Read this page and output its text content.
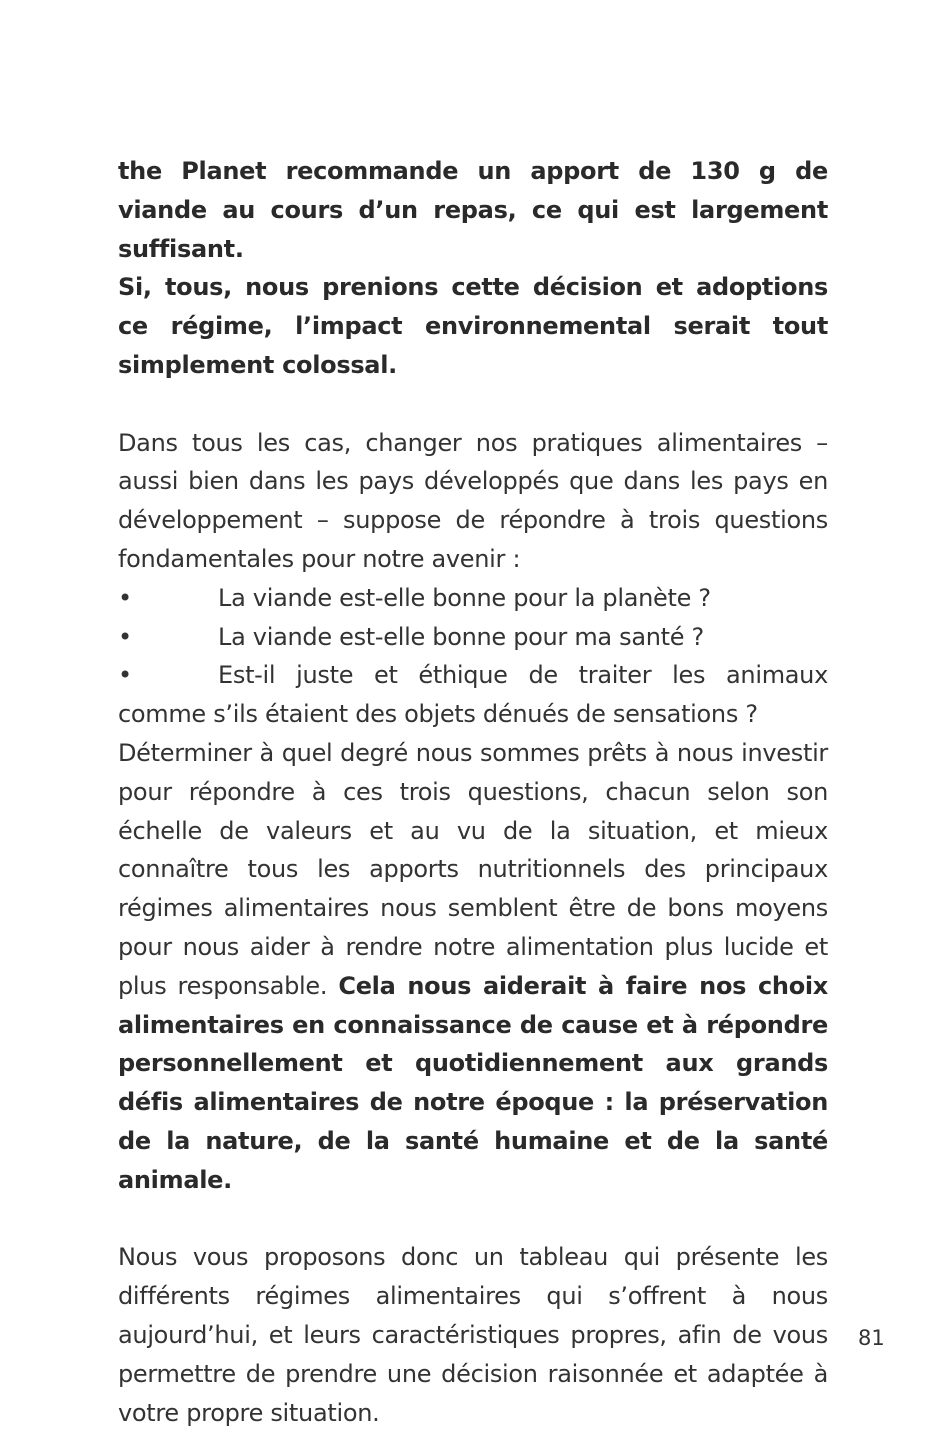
the Planet recommande un apport de 130 g de viande au cours d’un repas, ce qui est largement suffisant.
Si, tous, nous prenions cette décision et adoptions ce régime, l’impact environnemental serait tout simplement colossal.

Dans tous les cas, changer nos pratiques alimentaires – aussi bien dans les pays développés que dans les pays en développement – suppose de répondre à trois questions fondamentales pour notre avenir :

•	La viande est-elle bonne pour la planète ?

•	La viande est-elle bonne pour ma santé ?

•	Est-il juste et éthique de traiter les animaux comme s’ils étaient des objets dénués de sensations ?

Déterminer à quel degré nous sommes prêts à nous investir pour répondre à ces trois questions, chacun selon son échelle de valeurs et au vu de la situation, et mieux connaître tous les apports nutritionnels des principaux régimes alimentaires nous semblent être de bons moyens pour nous aider à rendre notre alimentation plus lucide et plus responsable. Cela nous aiderait à faire nos choix alimentaires en connaissance de cause et à répondre personnellement et quotidiennement aux grands défis alimentaires de notre époque : la préservation de la nature, de la santé humaine et de la santé animale.

Nous vous proposons donc un tableau qui présente les différents régimes alimentaires qui s’offrent à nous aujourd’hui, et leurs caractéristiques propres, afin de vous permettre de prendre une décision raisonnée et adaptée à votre propre situation.

81
